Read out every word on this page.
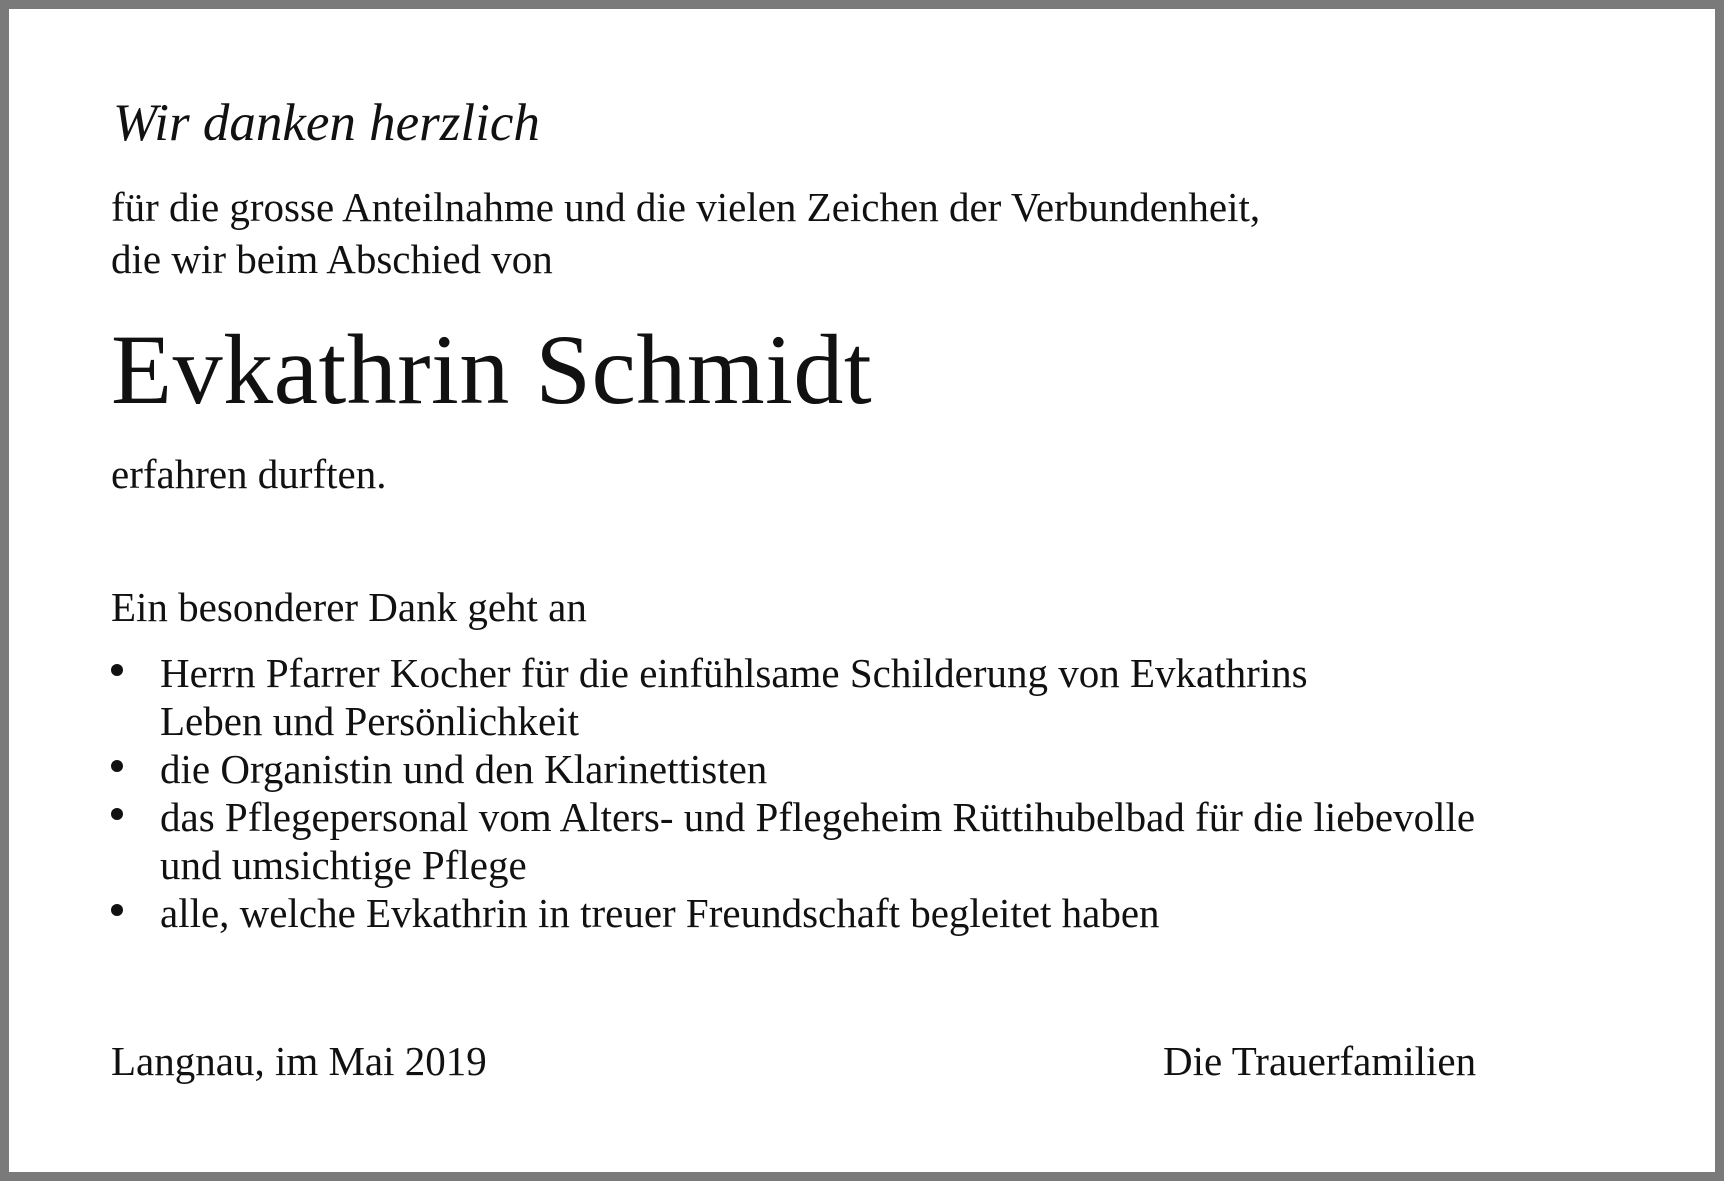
Wir danken herzlich

für die grosse Anteilnahme und die vielen Zeichen der Verbundenheit,

die wir beim Abschied von

Evkathrin Schmidt

erfahren durften.

Ein besonderer Dank geht an

Herrn Pfarrer Kocher für die einfühlsame Schilderung von Evkathrins
Leben und Persönlichkeit
die Organistin und den Klarinettisten
das Pflegepersonal vom Alters- und Pflegeheim Rüttihubelbad für die liebevolle
und umsichtige Pflege
alle, welche Evkathrin in treuer Freundschaft begleitet haben

Langnau, im Mai 2019	Die Trauerfamilien
